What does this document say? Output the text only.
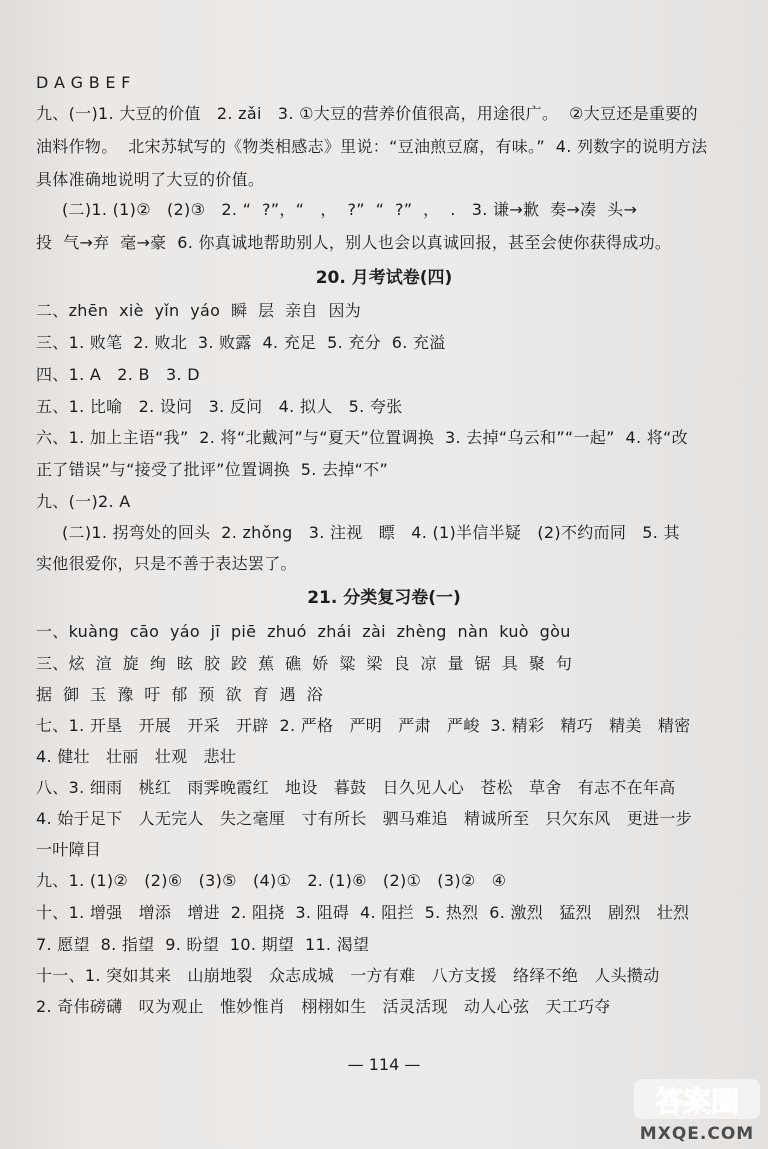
D A G B E F
九、(一)1. 大豆的价值   2. zǎi   3. ①大豆的营养价值很高，用途很广。  ②大豆还是重要的
油料作物。  北宋苏轼写的《物类相感志》里说：“豆油煎豆腐，有味。”  4. 列数字的说明方法
具体准确地说明了大豆的价值。
(二)1. (1)②   (2)③   2. “  ?”，“   ，  ?”  “  ?”  ，  .   3. 谦→歉  奏→凑  头→
投  气→弃  毫→豪  6. 你真诚地帮助别人，别人也会以真诚回报，甚至会使你获得成功。
20. 月考试卷(四)
二、zhēn  xiè  yǐn  yáo  瞬  层  亲自  因为
三、1. 败笔  2. 败北  3. 败露  4. 充足  5. 充分  6. 充溢
四、1. A   2. B   3. D
五、1. 比喻   2. 设问   3. 反问   4. 拟人   5. 夸张
六、1. 加上主语“我”  2. 将“北戴河”与“夏天”位置调换  3. 去掉“乌云和”“一起”  4. 将“改
正了错误”与“接受了批评”位置调换  5. 去掉“不”
九、(一)2. A
(二)1. 拐弯处的回头  2. zhǒng   3. 注视   瞟   4. (1)半信半疑   (2)不约而同   5. 其
实他很爱你，只是不善于表达罢了。
21. 分类复习卷(一)
一、kuàng  cāo  yáo  jī  piē  zhuó  zhái  zài  zhèng  nàn  kuò  gòu
三、炫  渲  旋  绚  眩  胶  跤  蕉  礁  娇  粱  梁  良  凉  量  锯  具  聚  句
据  御  玉  豫  吁  郁  预  欲  育  遇  浴
七、1. 开垦   开展   开采   开辟  2. 严格   严明   严肃   严峻  3. 精彩   精巧   精美   精密
4. 健壮   壮丽   壮观   悲壮
八、3. 细雨   桃红   雨霁晚霞红   地设   暮鼓   日久见人心   苍松   草舍   有志不在年高
4. 始于足下   人无完人   失之毫厘   寸有所长   驷马难追   精诚所至   只欠东风   更进一步
一叶障目
九、1. (1)②   (2)⑥   (3)⑤   (4)①   2. (1)⑥   (2)①   (3)②   ④
十、1. 增强   增添   增进  2. 阻挠  3. 阻碍  4. 阻拦  5. 热烈  6. 激烈   猛烈   剧烈   壮烈
7. 愿望  8. 指望  9. 盼望  10. 期望  11. 渴望
十一、1. 突如其来   山崩地裂   众志成城   一方有难   八方支援   络绎不绝   人头攒动
2. 奇伟磅礴   叹为观止   惟妙惟肖   栩栩如生   活灵活现   动人心弦   天工巧夺
— 114 —
答案圈
MXQE.COM
